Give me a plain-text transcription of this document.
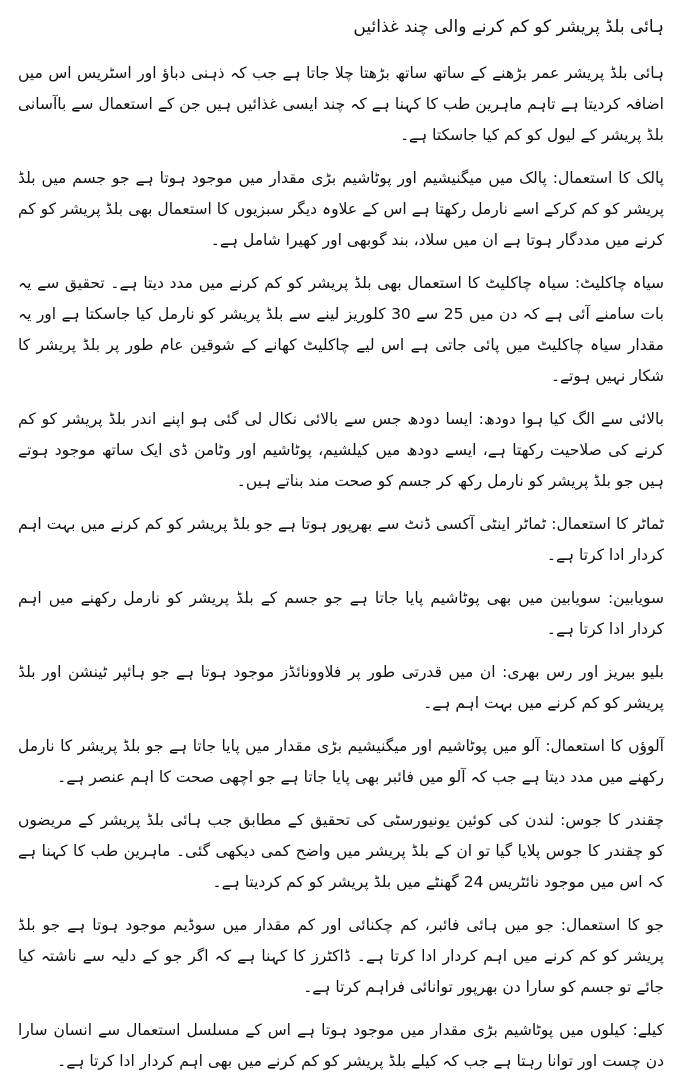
ہائی بلڈ پریشر کو کم کرنے والی چند غذائیں

ہائی بلڈ پریشر عمر بڑھنے کے ساتھ ساتھ بڑھتا چلا جاتا ہے جب کہ ذہنی دباؤ اور اسٹریس اس میں اضافہ کردیتا ہے تاہم ماہرین طب کا کہنا ہے کہ چند ایسی غذائیں ہیں جن کے استعمال سے باآسانی بلڈ پریشر کے لیول کو کم کیا جاسکتا ہے۔

پالک کا استعمال: پالک میں میگنیشیم اور پوٹاشیم بڑی مقدار میں موجود ہوتا ہے جو جسم میں بلڈ پریشر کو کم کرکے اسے نارمل رکھتا ہے اس کے علاوہ دیگر سبزیوں کا استعمال بھی بلڈ پریشر کو کم کرنے میں مددگار ہوتا ہے ان میں سلاد، بند گوبھی اور کھیرا شامل ہے۔

سیاہ چاکلیٹ: سیاہ چاکلیٹ کا استعمال بھی بلڈ پریشر کو کم کرنے میں مدد دیتا ہے۔ تحقیق سے یہ بات سامنے آئی ہے کہ دن میں 25 سے 30 کلوریز لینے سے بلڈ پریشر کو نارمل کیا جاسکتا ہے اور یہ مقدار سیاہ چاکلیٹ میں پائی جاتی ہے اس لیے چاکلیٹ کھانے کے شوقین عام طور پر بلڈ پریشر کا شکار نہیں ہوتے۔

بالائی سے الگ کیا ہوا دودھ: ایسا دودھ جس سے بالائی نکال لی گئی ہو اپنے اندر بلڈ پریشر کو کم کرنے کی صلاحیت رکھتا ہے، ایسے دودھ میں کیلشیم، پوٹاشیم اور وٹامن ڈی ایک ساتھ موجود ہوتے ہیں جو بلڈ پریشر کو نارمل رکھ کر جسم کو صحت مند بناتے ہیں۔

ٹماٹر کا استعمال: ٹماٹر اینٹی آکسی ڈنٹ سے بھرپور ہوتا ہے جو بلڈ پریشر کو کم کرنے میں بہت اہم کردار ادا کرتا ہے۔

سویابین: سویابین میں بھی پوٹاشیم پایا جاتا ہے جو جسم کے بلڈ پریشر کو نارمل رکھنے میں اہم کردار ادا کرتا ہے۔

بلیو بیریز اور رس بھری: ان میں قدرتی طور پر فلاوونائڈز موجود ہوتا ہے جو ہائپر ٹینشن اور بلڈ پریشر کو کم کرنے میں بہت اہم ہے۔

آلوؤں کا استعمال: آلو میں پوٹاشیم اور میگنیشیم بڑی مقدار میں پایا جاتا ہے جو بلڈ پریشر کا نارمل رکھنے میں مدد دیتا ہے جب کہ آلو میں فائبر بھی پایا جاتا ہے جو اچھی صحت کا اہم عنصر ہے۔

چقندر کا جوس: لندن کی کوئین یونیورسٹی کی تحقیق کے مطابق جب ہائی بلڈ پریشر کے مریضوں کو چقندر کا جوس پلایا گیا تو ان کے بلڈ پریشر میں واضح کمی دیکھی گئی۔ ماہرین طب کا کہنا ہے کہ اس میں موجود نائٹریس 24 گھنٹے میں بلڈ پریشر کو کم کردیتا ہے۔

جو کا استعمال: جو میں ہائی فائبر، کم چکنائی اور کم مقدار میں سوڈیم موجود ہوتا ہے جو بلڈ پریشر کو کم کرنے میں اہم کردار ادا کرتا ہے۔ ڈاکٹرز کا کہنا ہے کہ اگر جو کے دلیہ سے ناشتہ کیا جائے تو جسم کو سارا دن بھرپور توانائی فراہم کرتا ہے۔

کیلے: کیلوں میں پوٹاشیم بڑی مقدار میں موجود ہوتا ہے اس کے مسلسل استعمال سے انسان سارا دن چست اور توانا رہتا ہے جب کہ کیلے بلڈ پریشر کو کم کرنے میں بھی اہم کردار ادا کرتا ہے۔
